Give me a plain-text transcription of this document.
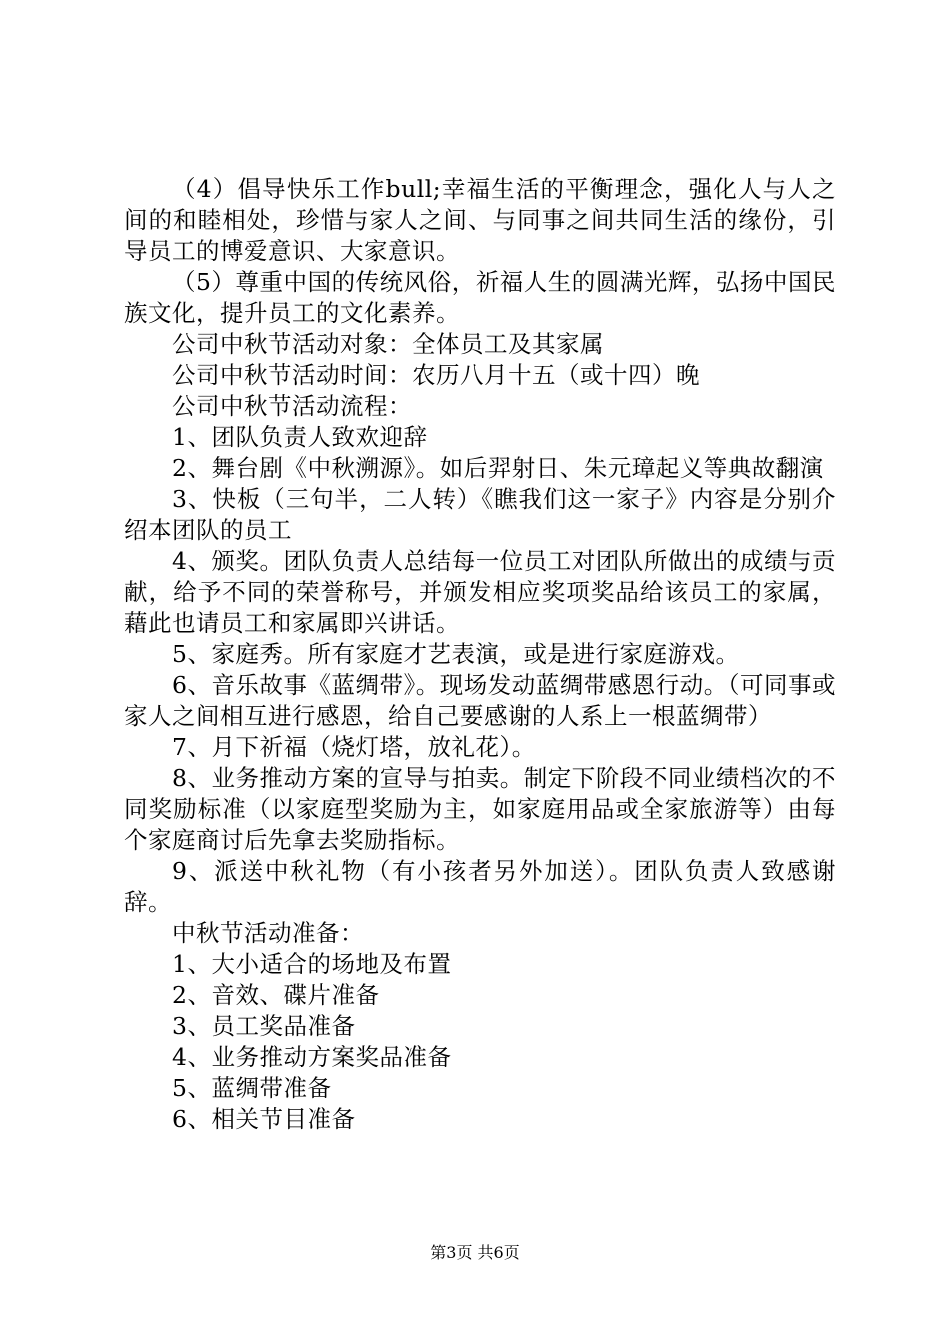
（4）倡导快乐工作bull;幸福生活的平衡理念，强化人与人之间的和睦相处，珍惜与家人之间、与同事之间共同生活的缘份，引导员工的博爱意识、大家意识。

（5）尊重中国的传统风俗，祈福人生的圆满光辉，弘扬中国民族文化，提升员工的文化素养。

公司中秋节活动对象：全体员工及其家属

公司中秋节活动时间：农历八月十五（或十四）晚

公司中秋节活动流程：

1、团队负责人致欢迎辞

2、舞台剧《中秋溯源》。如后羿射日、朱元璋起义等典故翻演

3、快板（三句半，二人转）《瞧我们这一家子》内容是分别介绍本团队的员工

4、颁奖。团队负责人总结每一位员工对团队所做出的成绩与贡献，给予不同的荣誉称号，并颁发相应奖项奖品给该员工的家属，藉此也请员工和家属即兴讲话。

5、家庭秀。所有家庭才艺表演，或是进行家庭游戏。

6、音乐故事《蓝绸带》。现场发动蓝绸带感恩行动。（可同事或家人之间相互进行感恩，给自己要感谢的人系上一根蓝绸带）

7、月下祈福（烧灯塔，放礼花）。

8、业务推动方案的宣导与拍卖。制定下阶段不同业绩档次的不同奖励标准（以家庭型奖励为主，如家庭用品或全家旅游等）由每个家庭商讨后先拿去奖励指标。

9、派送中秋礼物（有小孩者另外加送）。团队负责人致感谢辞。

中秋节活动准备：

1、大小适合的场地及布置

2、音效、碟片准备

3、员工奖品准备

4、业务推动方案奖品准备

5、蓝绸带准备

6、相关节目准备

第3页 共6页
